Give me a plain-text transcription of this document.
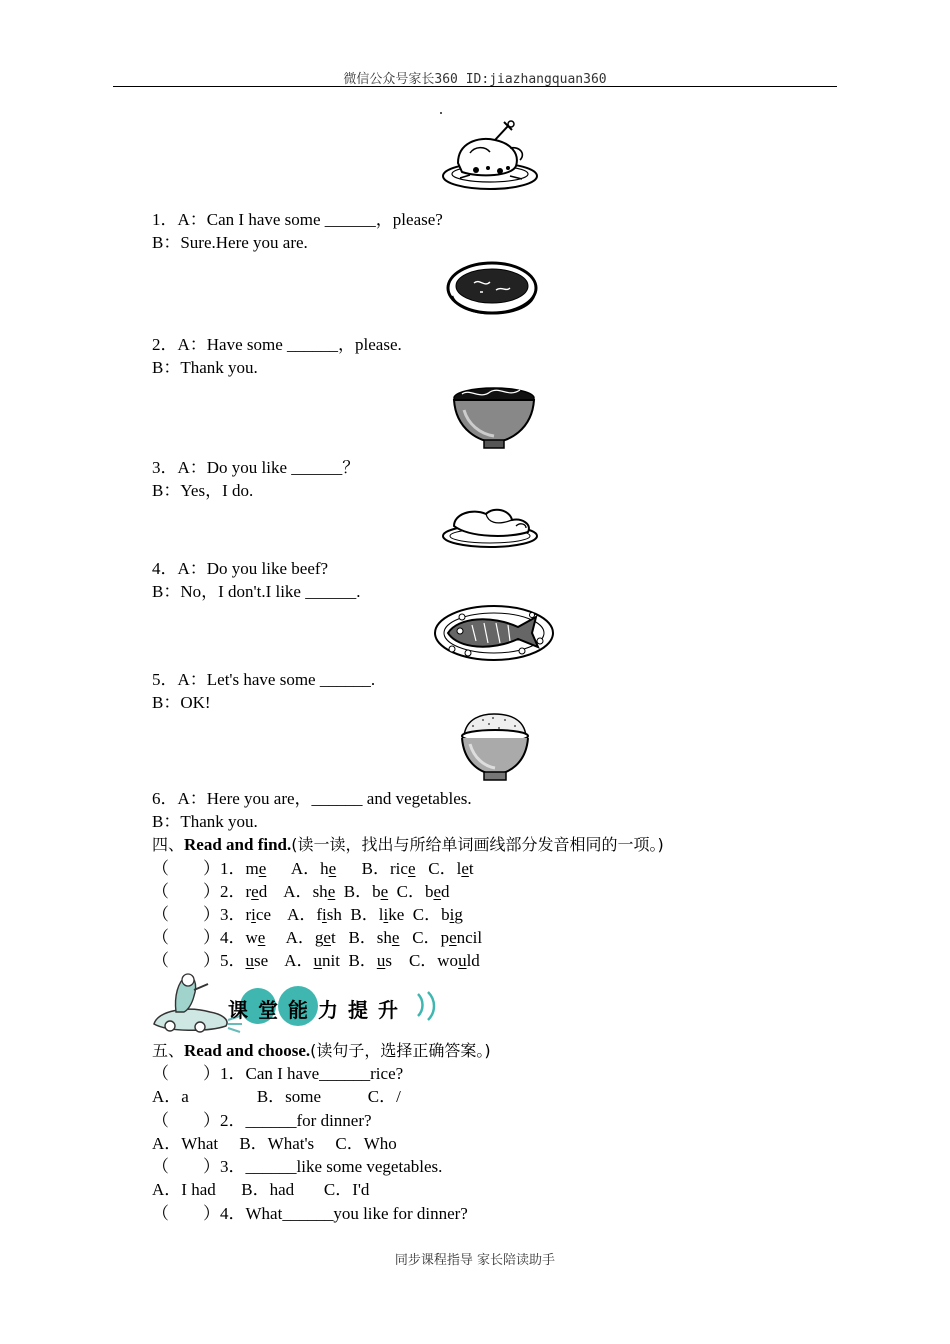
微信公众号家长360 ID:jiazhangquan360
1．A：Can I have some ______，please?
B：Sure.Here you are.
2．A：Have some ______，please.
B：Thank you.
3．A：Do you like ______？
B：Yes，I do.
4．A：Do you like beef?
B：No，I don't.I like ______.
5．A：Let's have some ______.
B：OK!
6．A：Here you are，______ and vegetables.
B：Thank you.
四、Read and find.(读一读，找出与所给单词画线部分发音相同的一项。)
（　　）1．me A．he B．rice C．let
（　　）2．red A．she B．be C．bed
（　　）3．rice A．fish B．like C．big
（　　）4．we A．get B．she C．pencil
（　　）5．use A．unit B．us C．would
课堂能力提升
五、Read and choose.(读句子，选择正确答案。)
（　　）1．Can I have______rice?
A．a                B．some           C．/
（　　）2．______for dinner?
A．What     B．What's     C．Who
（　　）3．______like some vegetables.
A．I had      B．had       C．I'd
（　　）4．What______you like for dinner?
同步课程指导 家长陪读助手
